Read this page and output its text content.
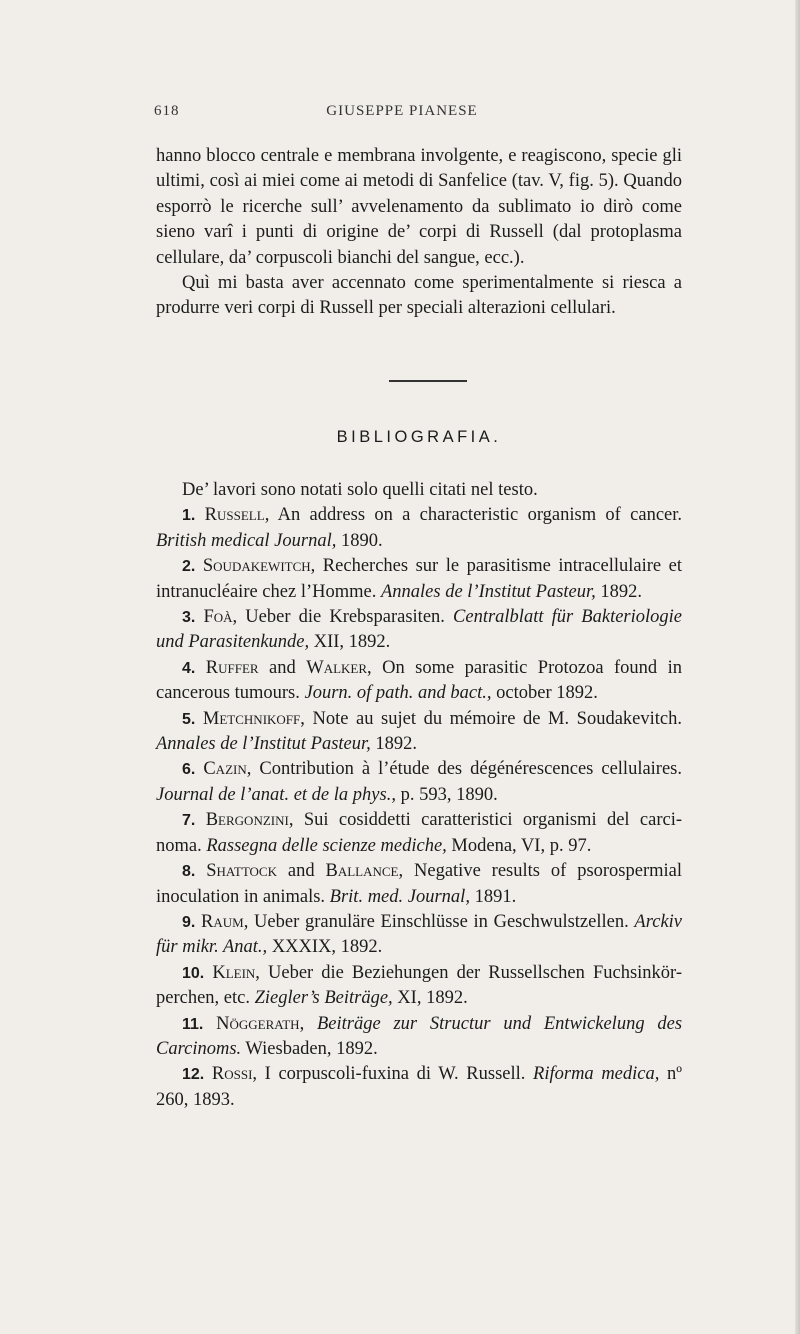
618	GIUSEPPE PIANESE

hanno blocco centrale e membrana involgente, e reagiscono, specie gli ultimi, così ai miei come ai metodi di Sanfelice (tav. V, fig. 5). Quando esporrò le ricerche sull’ avvelenamento da sublimato io dirò come sieno varî i punti di origine de’ corpi di Russell (dal protoplasma cellulare, da’ corpuscoli bianchi del sangue, ecc.).

Quì mi basta aver accennato come sperimentalmente si riesca a produrre veri corpi di Russell per speciali alterazioni cellulari.

BIBLIOGRAFIA.

De’ lavori sono notati solo quelli citati nel testo.

1. Russell, An address on a characteristic organism of cancer. British medical Journal, 1890.

2. Soudakewitch, Recherches sur le parasitisme intracellulaire et intranucléaire chez l’Homme. Annales de l’Institut Pasteur, 1892.

3. Foà, Ueber die Krebsparasiten. Centralblatt für Bakteriologie und Parasitenkunde, XII, 1892.

4. Ruffer and Walker, On some parasitic Protozoa found in cancerous tumours. Journ. of path. and bact., october 1892.

5. Metchnikoff, Note au sujet du mémoire de M. Soudakevitch. Annales de l’Institut Pasteur, 1892.

6. Cazin, Contribution à l’étude des dégénérescences cellulaires. Journal de l’anat. et de la phys., p. 593, 1890.

7. Bergonzini, Sui cosiddetti caratteristici organismi del carci- noma. Rassegna delle scienze mediche, Modena, VI, p. 97.

8. Shattock and Ballance, Negative results of psorospermial inoculation in animals. Brit. med. Journal, 1891.

9. Raum, Ueber granuläre Einschlüsse in Geschwulstzellen. Arckiv für mikr. Anat., XXXIX, 1892.

10. Klein, Ueber die Beziehungen der Russellschen Fuchsinkör- perchen, etc. Ziegler’s Beiträge, XI, 1892.

11. Nöggerath, Beiträge zur Structur und Entwickelung des Carcinoms. Wiesbaden, 1892.

12. Rossi, I corpuscoli-fuxina di W. Russell. Riforma medica, nº 260, 1893.
